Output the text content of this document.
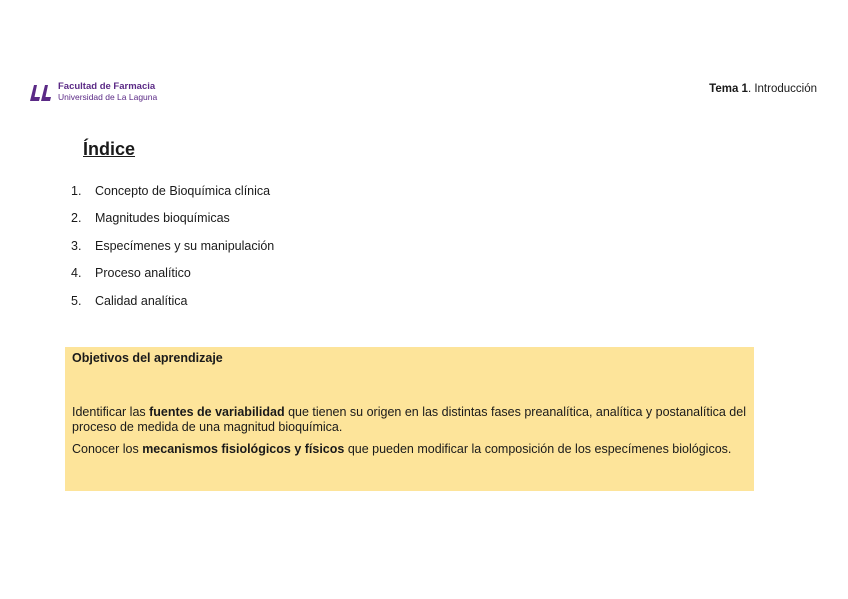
Facultad de Farmacia
Universidad de La Laguna
Tema 1. Introducción
Índice
1.	Concepto de Bioquímica clínica
2.	Magnitudes bioquímicas
3.	Especímenes y su manipulación
4.	Proceso analítico
5.	Calidad analítica

Objetivos del aprendizaje

Identificar las fuentes de variabilidad que tienen su origen en las distintas fases preanalítica, analítica y postanalítica del proceso de medida de una magnitud bioquímica.

Conocer los mecanismos fisiológicos y físicos que pueden modificar la composición de los especímenes biológicos.
